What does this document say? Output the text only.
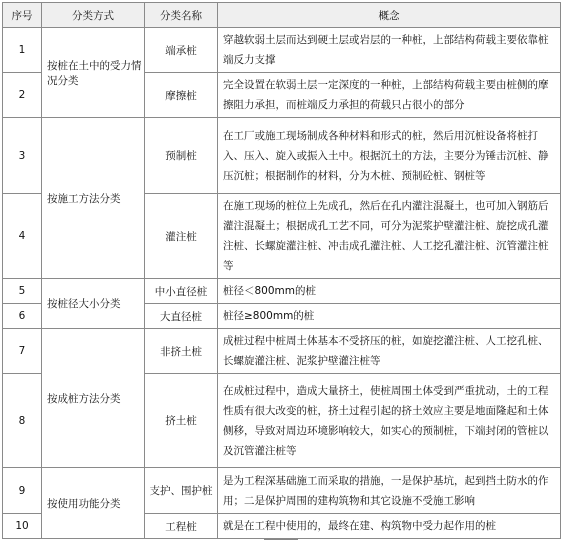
序号	分类方式	分类名称	概念
1	按桩在土中的受力情况分类	端承桩	穿越软弱土层而达到硬土层或岩层的一种桩，上部结构荷载主要依靠桩端反力支撑
2		摩擦桩	完全设置在软弱土层一定深度的一种桩，上部结构荷载主要由桩侧的摩擦阻力承担，而桩端反力承担的荷载只占很小的部分
3	按施工方法分类	预制桩	在工厂或施工现场制成各种材料和形式的桩，然后用沉桩设备将桩打入、压入、旋入或振入土中。根据沉土的方法，主要分为锤击沉桩、静压沉桩；根据制作的材料，分为木桩、预制砼桩、钢桩等
4		灌注桩	在施工现场的桩位上先成孔，然后在孔内灌注混凝土，也可加入钢筋后灌注混凝土；根据成孔工艺不同，可分为泥浆护壁灌注桩、旋挖成孔灌注桩、长螺旋灌注桩、冲击成孔灌注桩、人工挖孔灌注桩、沉管灌注桩等
5	按桩径大小分类	中小直径桩	桩径＜800mm的桩
6		大直径桩	桩径≥800mm的桩
7	按成桩方法分类	非挤土桩	成桩过程中桩周土体基本不受挤压的桩，如旋挖灌注桩、人工挖孔桩、长螺旋灌注桩、泥浆护壁灌注桩等
8		挤土桩	在成桩过程中，造成大量挤土，使桩周围土体受到严重扰动，土的工程性质有很大改变的桩，挤土过程引起的挤土效应主要是地面隆起和土体侧移，导致对周边环境影响较大，如实心的预制桩，下端封闭的管桩以及沉管灌注桩等
9	按使用功能分类	支护、围护桩	是为工程深基础施工而采取的措施，一是保护基坑，起到挡土防水的作用；二是保护周围的建构筑物和其它设施不受施工影响
10		工程桩	就是在工程中使用的，最终在建、构筑物中受力起作用的桩
